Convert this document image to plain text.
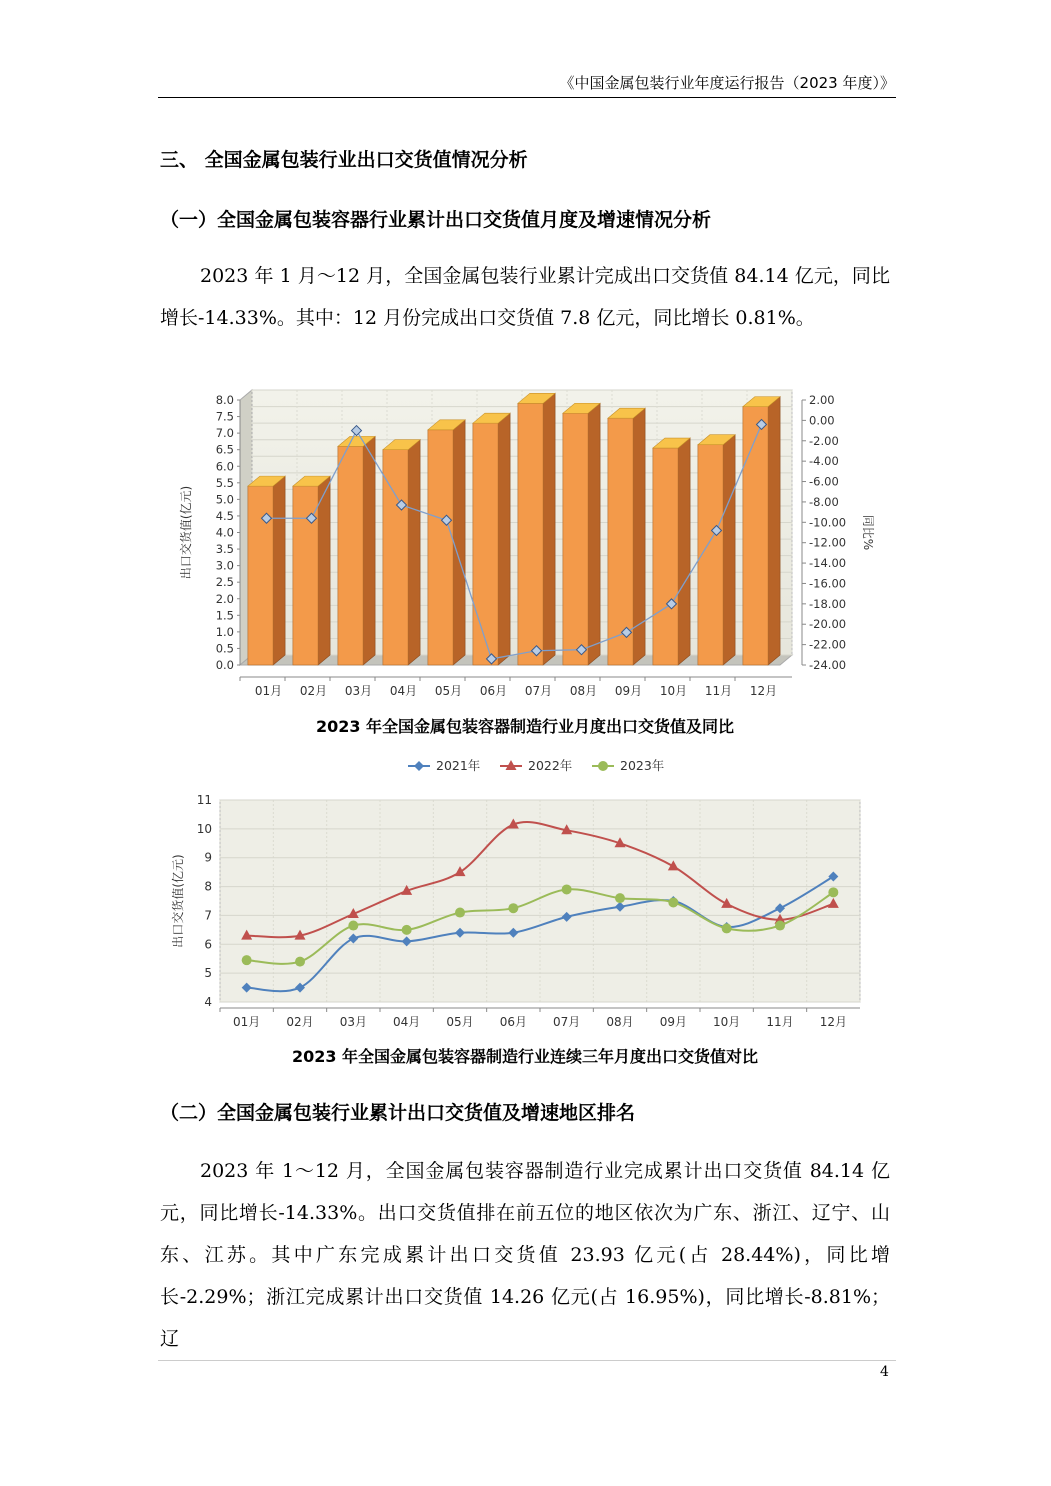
《中国金属包装行业年度运行报告（2023 年度）》
三、 全国金属包装行业出口交货值情况分析
（一）全国金属包装容器行业累计出口交货值月度及增速情况分析

2023 年 1 月～12 月，全国金属包装行业累计完成出口交货值 84.14 亿元，同比增长-14.33%。其中：12 月份完成出口交货值 7.8 亿元，同比增长 0.81%。

0.0
0.5
1.0
1.5
2.0
2.5
3.0
3.5
4.0
4.5
5.0
5.5
6.0
6.5
7.0
7.5
8.0	2.00
0.00
-2.00
-4.00
-6.00
-8.00
-10.00
-12.00
-14.00
-16.00
-18.00
-20.00
-22.00
-24.00
出口交货值(亿元)	同比%
01月 02月 03月 04月 05月 06月 07月 08月 09月 10月 11月 12月
2023 年全国金属包装容器制造行业月度出口交货值及同比
2021年	2022年	2023年
4
5
6
7
8
9
10
11
01月 02月 03月 04月 05月 06月 07月 08月 09月 10月 11月 12月
出口交货值(亿元)
2023 年全国金属包装容器制造行业连续三年月度出口交货值对比
（二）全国金属包装行业累计出口交货值及增速地区排名

2023 年 1～12 月，全国金属包装容器制造行业完成累计出口交货值 84.14 亿元，同比增长-14.33%。出口交货值排在前五位的地区依次为广东、浙江、辽宁、山东、江苏。其中广东完成累计出口交货值 23.93 亿元(占 28.44%)，同比增长-2.29%；浙江完成累计出口交货值 14.26 亿元(占 16.95%)，同比增长-8.81%；辽

4
